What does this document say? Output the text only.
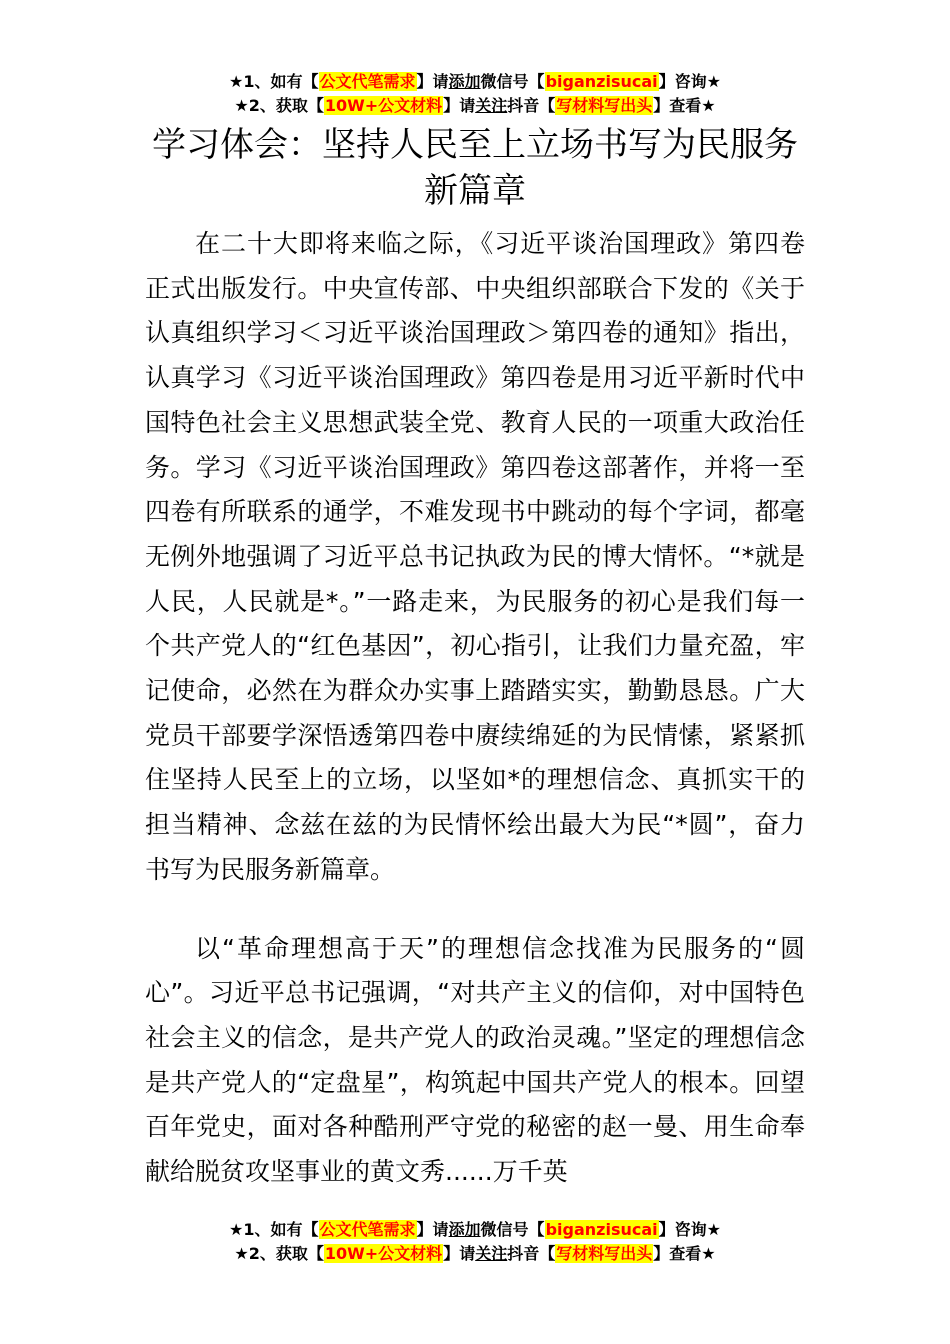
★1、如有【公文代笔需求】请添加微信号【biganzisucai】咨询★
★2、获取【10W+公文材料】请关注抖音【写材料写出头】查看★
学习体会：坚持人民至上立场书写为民服务新篇章

在二十大即将来临之际，《习近平谈治国理政》第四卷正式出版发行。中央宣传部、中央组织部联合下发的《关于认真组织学习＜习近平谈治国理政＞第四卷的通知》指出，认真学习《习近平谈治国理政》第四卷是用习近平新时代中国特色社会主义思想武装全党、教育人民的一项重大政治任务。学习《习近平谈治国理政》第四卷这部著作，并将一至四卷有所联系的通学，不难发现书中跳动的每个字词，都毫无例外地强调了习近平总书记执政为民的博大情怀。“*就是人民，人民就是*。”一路走来，为民服务的初心是我们每一个共产党人的“红色基因”，初心指引，让我们力量充盈，牢记使命，必然在为群众办实事上踏踏实实，勤勤恳恳。广大党员干部要学深悟透第四卷中赓续绵延的为民情愫，紧紧抓住坚持人民至上的立场，以坚如*的理想信念、真抓实干的担当精神、念兹在兹的为民情怀绘出最大为民“*圆”，奋力书写为民服务新篇章。

以“革命理想高于天”的理想信念找准为民服务的“圆心”。习近平总书记强调，“对共产主义的信仰，对中国特色社会主义的信念，是共产党人的政治灵魂。”坚定的理想信念是共产党人的“定盘星”，构筑起中国共产党人的根本。回望百年党史，面对各种酷刑严守党的秘密的赵一曼、用生命奉献给脱贫攻坚事业的黄文秀......万千英

★1、如有【公文代笔需求】请添加微信号【biganzisucai】咨询★
★2、获取【10W+公文材料】请关注抖音【写材料写出头】查看★
